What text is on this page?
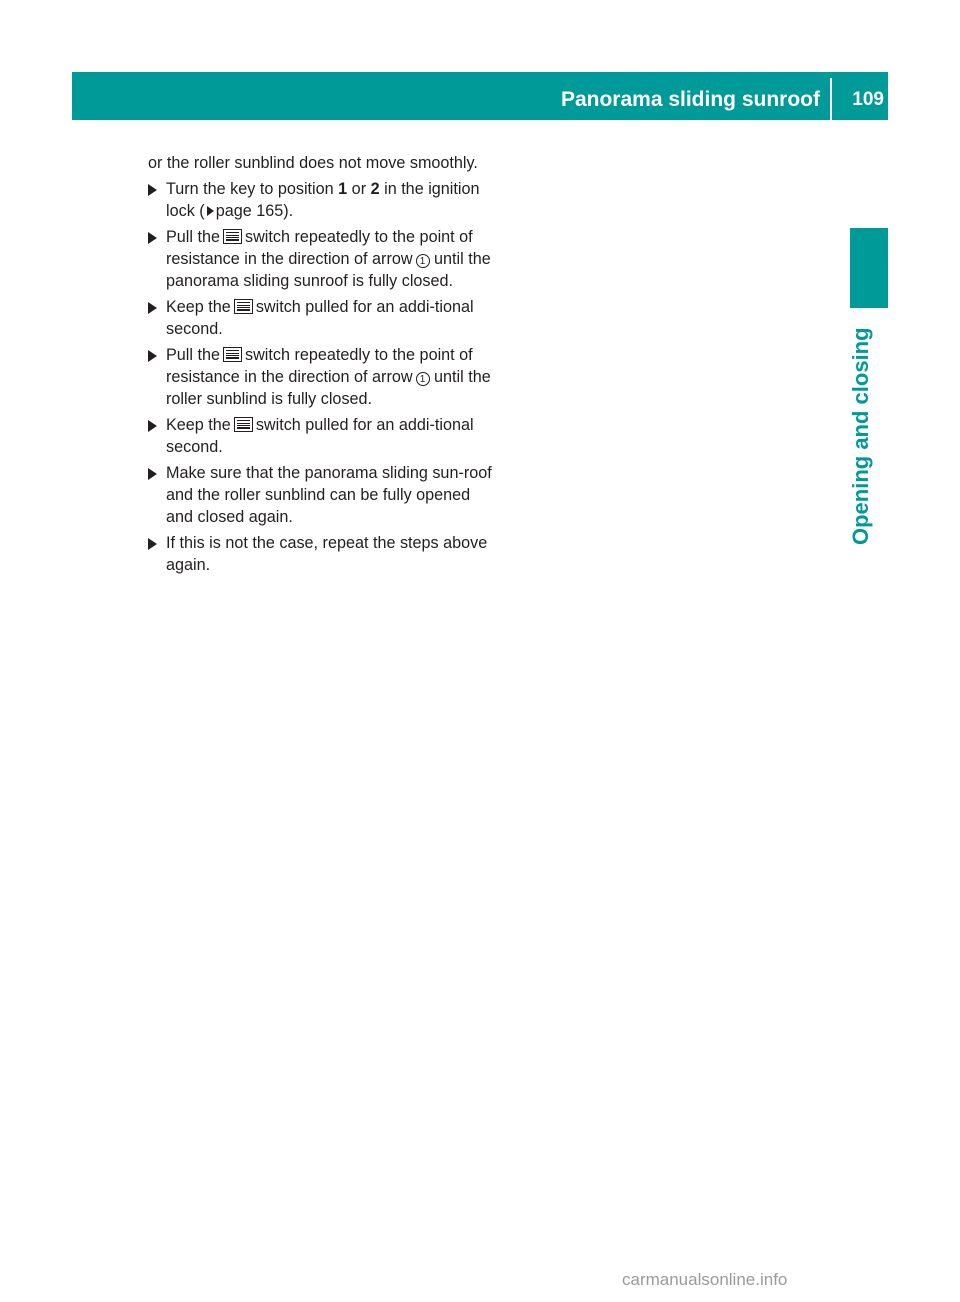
Panorama sliding sunroof 109
Opening and closing

or the roller sunblind does not move smoothly.

Turn the key to position 1 or 2 in the ignition lock ( page 165).
Pull the switch repeatedly to the point of resistance in the direction of arrow 1 until the panorama sliding sunroof is fully closed.
Keep the switch pulled for an addi-tional second.
Pull the switch repeatedly to the point of resistance in the direction of arrow 1 until the roller sunblind is fully closed.
Keep the switch pulled for an addi-tional second.
Make sure that the panorama sliding sun-roof and the roller sunblind can be fully opened and closed again.
If this is not the case, repeat the steps above again.
carmanualsonline.info
